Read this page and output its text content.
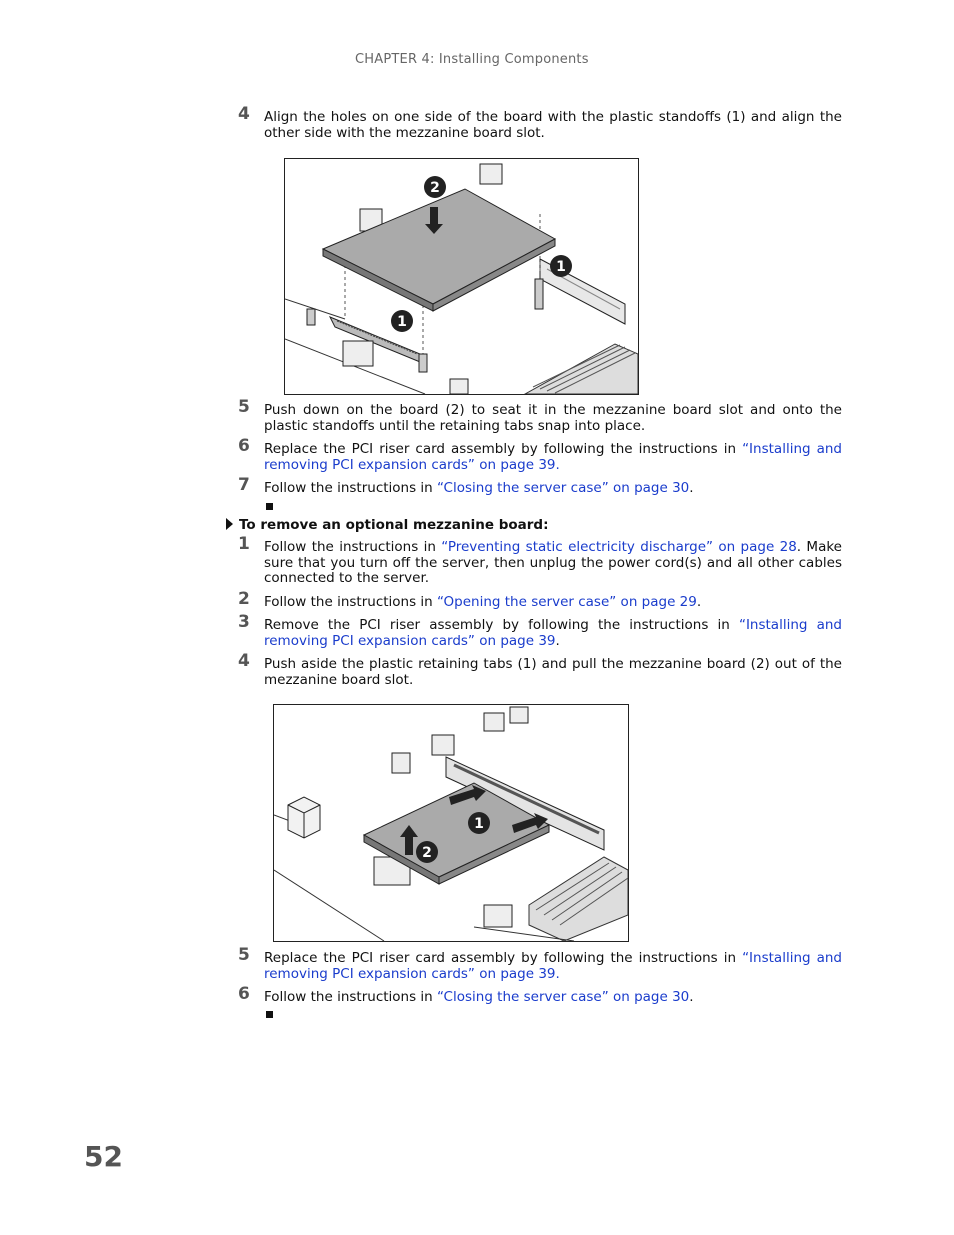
CHAPTER 4: Installing Components
4 Align the holes on one side of the board with the plastic standoffs (1) and align the other side with the mezzanine board slot.
2
1
1
5 Push down on the board (2) to seat it in the mezzanine board slot and onto the plastic standoffs until the retaining tabs snap into place.
6 Replace the PCI riser card assembly by following the instructions in “Installing and removing PCI expansion cards” on page 39.
7 Follow the instructions in “Closing the server case” on page 30.
To remove an optional mezzanine board:
1 Follow the instructions in “Preventing static electricity discharge” on page 28. Make sure that you turn off the server, then unplug the power cord(s) and all other cables connected to the server.
2 Follow the instructions in “Opening the server case” on page 29.
3 Remove the PCI riser assembly by following the instructions in “Installing and removing PCI expansion cards” on page 39.
4 Push aside the plastic retaining tabs (1) and pull the mezzanine board (2) out of the mezzanine board slot.
1
2
5 Replace the PCI riser card assembly by following the instructions in “Installing and removing PCI expansion cards” on page 39.
6 Follow the instructions in “Closing the server case” on page 30.
52
